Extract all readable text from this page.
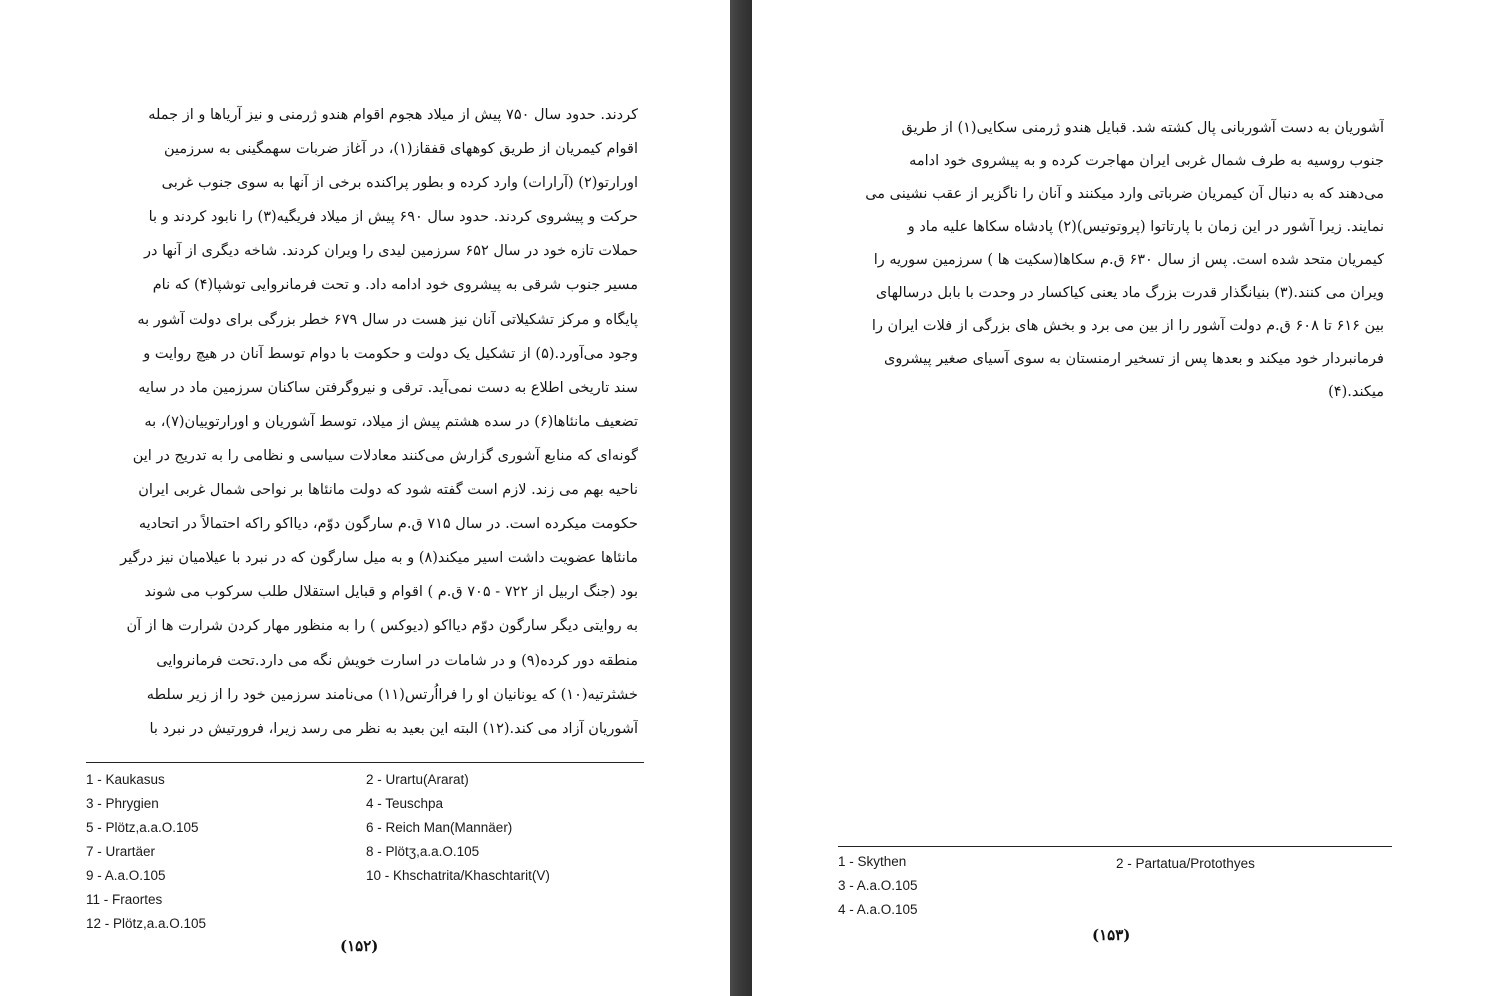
کردند. حدود سال ۷۵۰ پیش از میلاد هجوم اقوام هندو ژرمنی و نیز آریاها و از جمله
اقوام کیمریان از طریق کوههای قفقاز(۱)، در آغاز ضربات سهمگینی به سرزمین
اورارتو(۲) (آرارات) وارد کرده و بطور پراکنده برخی از آنها به سوی جنوب غربی
حرکت و پیشروی کردند. حدود سال ۶۹۰ پیش از میلاد فریگیه(۳) را نابود کردند و با
حملات تازه خود در سال ۶۵۲ سرزمین لیدی را ویران کردند. شاخه دیگری از آنها در
مسیر جنوب شرقی به پیشروی خود ادامه داد. و تحت فرمانروایی توشپا(۴) که نام
پایگاه و مرکز تشکیلاتی آنان نیز هست در سال ۶۷۹ خطر بزرگی برای دولت آشور به
وجود می‌آورد.(۵) از تشکیل یک دولت و حکومت با دوام توسط آنان در هیچ روایت و
سند تاریخی اطلاع به دست نمی‌آید. ترقی و نیروگرفتن ساکنان سرزمین ماد در سایه
تضعیف مانئاها(۶) در سده هشتم پیش از میلاد، توسط آشوریان و اورارتوییان(۷)، به
گونه‌ای که منابع آشوری گزارش می‌کنند معادلات سیاسی و نظامی را به تدریج در این
ناحیه بهم می زند. لازم است گفته شود که دولت مانئاها بر نواحی شمال غربی ایران
حکومت میکرده است. در سال ۷۱۵ ق.م سارگون دوّم، دیااکو راکه احتمالاً در اتحادیه
مانئاها عضویت داشت اسیر میکند(۸) و به میل سارگون که در نبرد با عیلامیان نیز درگیر
بود (جنگ اربیل از ۷۲۲ - ۷۰۵ ق.م ) اقوام و قبایل استقلال طلب سرکوب می شوند
به روایتی دیگر سارگون دوّم دیااکو (دیوکس ) را به منظور مهار کردن شرارت ها از آن
منطقه دور کرده(۹) و در شامات در اسارت خویش نگه می دارد.تحت فرمانروایی
خشثرتیه(۱۰) که یونانیان او را فرااُرتس(۱۱) می‌نامند سرزمین خود را از زیر سلطه
آشوریان آزاد می کند.(۱۲) البته این بعید به نظر می رسد زیرا، فرورتیش در نبرد با
1 - Kaukasus	2 - Urartu(Ararat)
3 - Phrygien	4 - Teuschpa
5 - Plötz,a.a.O.105	6 - Reich Man(Mannäer)
7 - Urartäer	8 - Plötʒ,a.a.O.105
9 - A.a.O.105	10 - Khschatrita/Khaschtarit(V)
11 - Fraortes
12 - Plötz,a.a.O.105
(۱۵۲)
آشوریان به دست آشوربانی پال کشته شد. قبایل هندو ژرمنی سکایی(۱) از طریق
جنوب روسیه به طرف شمال غربی ایران مهاجرت کرده و به پیشروی خود ادامه
می‌دهند که به دنبال آن کیمریان ضرباتی وارد میکنند و آنان را ناگزیر از عقب نشینی می
نمایند. زیرا آشور در این زمان با پارتاتوا (پروتوتیس)(۲) پادشاه سکاها علیه ماد و
کیمریان متحد شده است. پس از سال ۶۳۰ ق.م سکاها(سکیت ها ) سرزمین سوریه را
ویران می کنند.(۳) بنیانگذار قدرت بزرگ ماد یعنی کیاکسار در وحدت با بابل درسالهای
بین ۶۱۶ تا ۶۰۸ ق.م دولت آشور را از بین می برد و بخش های بزرگی از فلات ایران را
فرمانبردار خود میکند و بعدها پس از تسخیر ارمنستان به سوی آسیای صغیر پیشروی
میکند.(۴)
1 - Skythen	2 - Partatua/Protothyes
3 - A.a.O.105
4 - A.a.O.105
(۱۵۳)
